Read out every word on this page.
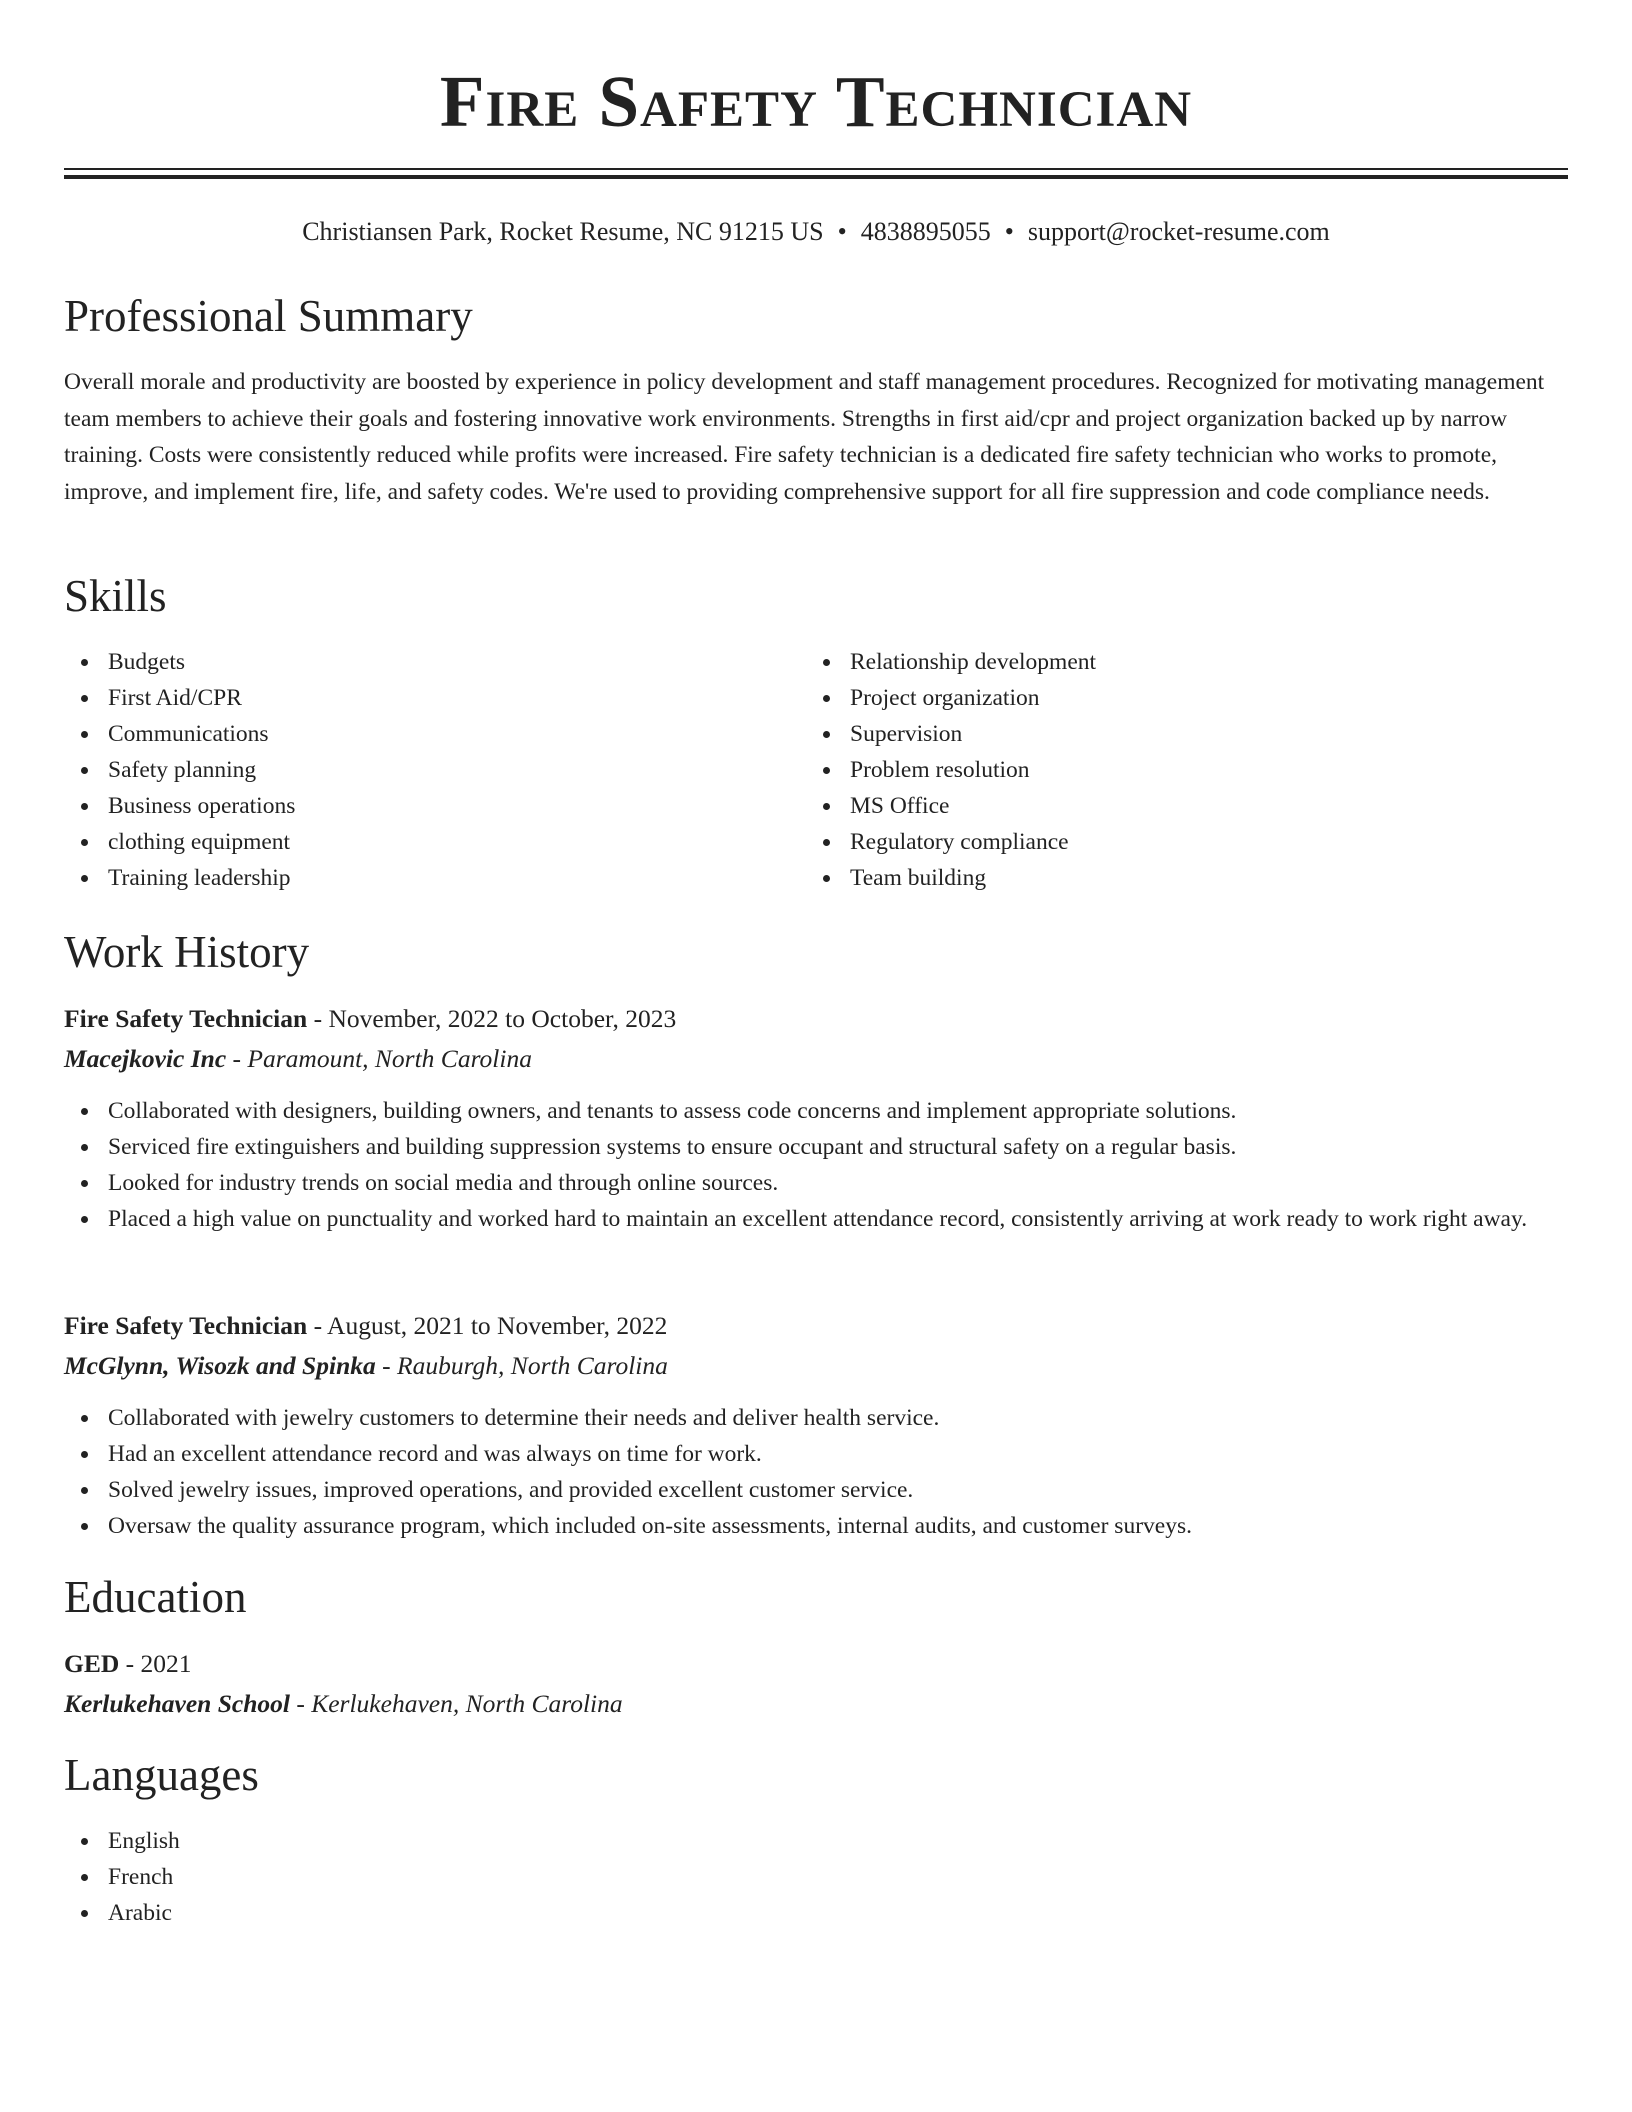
Fire Safety Technician
Christiansen Park, Rocket Resume, NC 91215 US • 4838895055 • support@rocket-resume.com
Professional Summary

Overall morale and productivity are boosted by experience in policy development and staff management procedures. Recognized for motivating management team members to achieve their goals and fostering innovative work environments. Strengths in first aid/cpr and project organization backed up by narrow training. Costs were consistently reduced while profits were increased. Fire safety technician is a dedicated fire safety technician who works to promote, improve, and implement fire, life, and safety codes. We're used to providing comprehensive support for all fire suppression and code compliance needs.

Skills
Budgets
First Aid/CPR
Communications
Safety planning
Business operations
clothing equipment
Training leadership
Relationship development
Project organization
Supervision
Problem resolution
MS Office
Regulatory compliance
Team building
Work History
Fire Safety Technician - November, 2022 to October, 2023
Macejkovic Inc - Paramount, North Carolina
Collaborated with designers, building owners, and tenants to assess code concerns and implement appropriate solutions.
Serviced fire extinguishers and building suppression systems to ensure occupant and structural safety on a regular basis.
Looked for industry trends on social media and through online sources.
Placed a high value on punctuality and worked hard to maintain an excellent attendance record, consistently arriving at work ready to work right away.
Fire Safety Technician - August, 2021 to November, 2022
McGlynn, Wisozk and Spinka - Rauburgh, North Carolina
Collaborated with jewelry customers to determine their needs and deliver health service.
Had an excellent attendance record and was always on time for work.
Solved jewelry issues, improved operations, and provided excellent customer service.
Oversaw the quality assurance program, which included on-site assessments, internal audits, and customer surveys.
Education
GED - 2021
Kerlukehaven School - Kerlukehaven, North Carolina
Languages
English
French
Arabic
